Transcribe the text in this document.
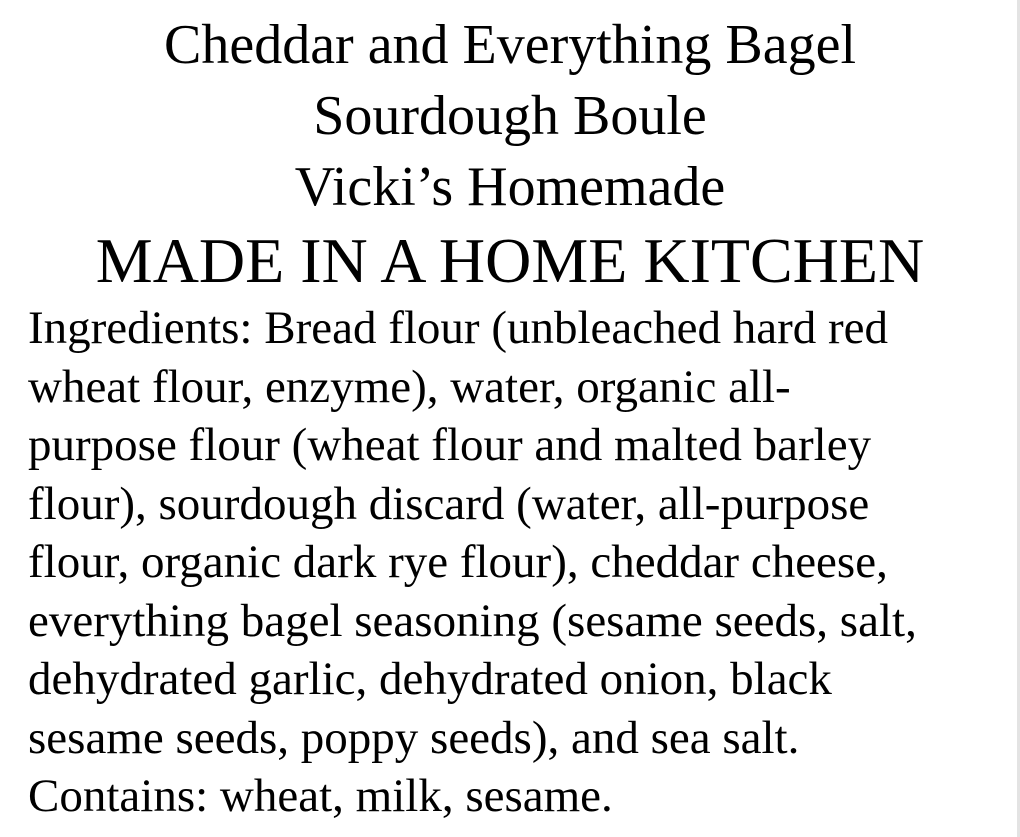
Cheddar and Everything Bagel

Sourdough Boule

Vicki’s Homemade

MADE IN A HOME KITCHEN

Ingredients: Bread flour (unbleached hard red

wheat flour, enzyme), water, organic all-

purpose flour (wheat flour and malted barley

flour), sourdough discard (water, all-purpose

flour, organic dark rye flour), cheddar cheese,

everything bagel seasoning (sesame seeds, salt,

dehydrated garlic, dehydrated onion, black

sesame seeds, poppy seeds), and sea salt.

Contains: wheat, milk, sesame.
